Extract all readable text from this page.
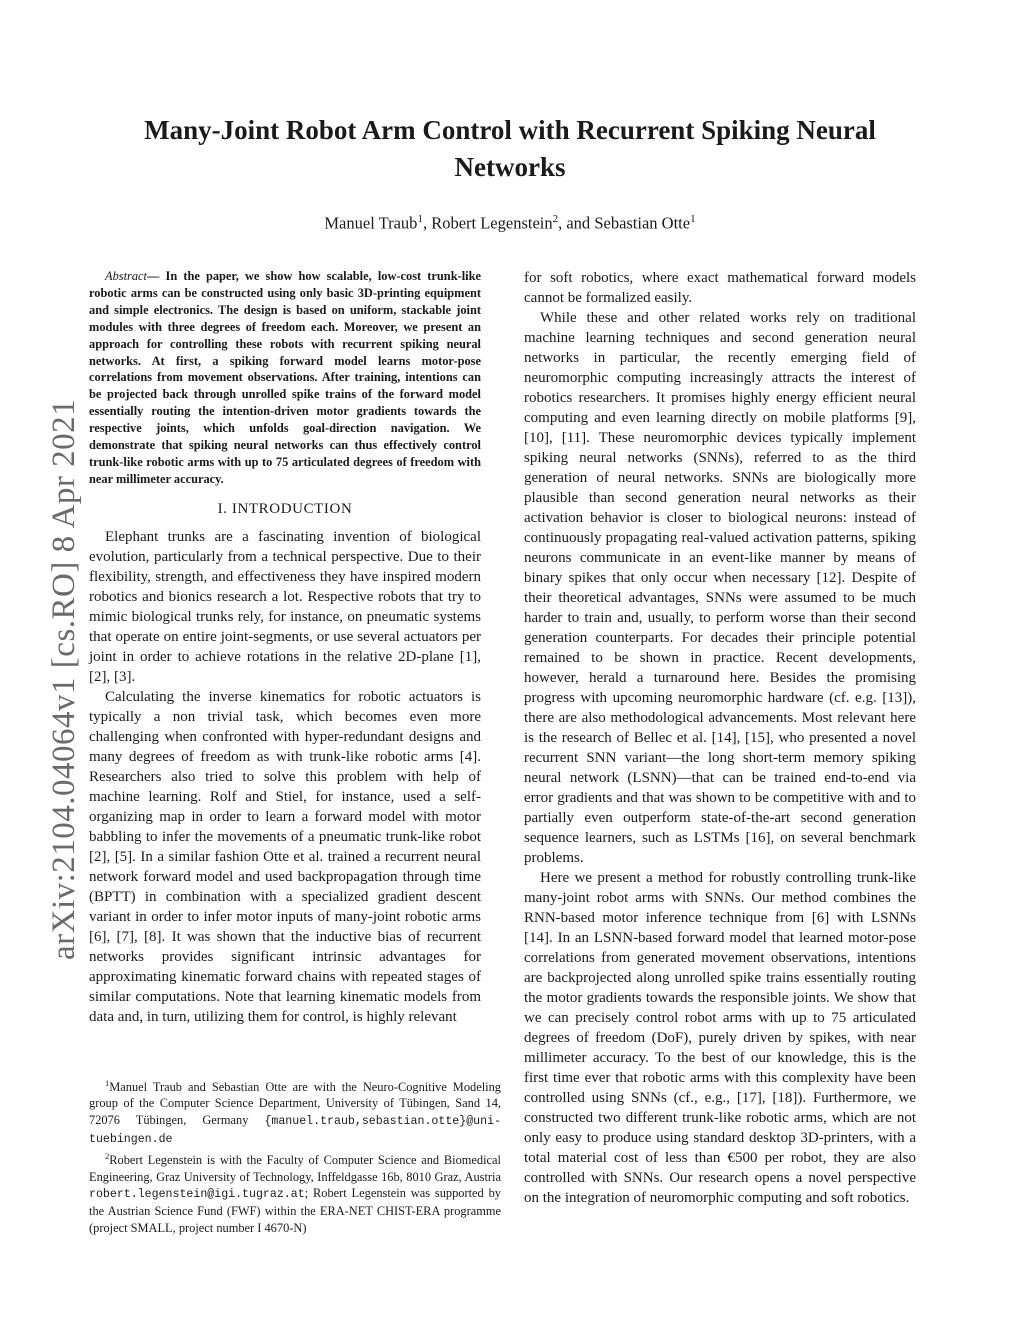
arXiv:2104.04064v1 [cs.RO] 8 Apr 2021
Many-Joint Robot Arm Control with Recurrent Spiking Neural Networks
Manuel Traub$^1$, Robert Legenstein$^2$, and Sebastian Otte$^1$

Abstract— In the paper, we show how scalable, low-cost trunk-like robotic arms can be constructed using only basic 3D-printing equipment and simple electronics. The design is based on uniform, stackable joint modules with three degrees of freedom each. Moreover, we present an approach for controlling these robots with recurrent spiking neural networks. At first, a spiking forward model learns motor-pose correlations from movement observations. After training, intentions can be projected back through unrolled spike trains of the forward model essentially routing the intention-driven motor gradients towards the respective joints, which unfolds goal-direction navigation. We demonstrate that spiking neural networks can thus effectively control trunk-like robotic arms with up to 75 articulated degrees of freedom with near millimeter accuracy.

I. INTRODUCTION

Elephant trunks are a fascinating invention of biological evolution, particularly from a technical perspective. Due to their flexibility, strength, and effectiveness they have inspired modern robotics and bionics research a lot. Respective robots that try to mimic biological trunks rely, for instance, on pneumatic systems that operate on entire joint-segments, or use several actuators per joint in order to achieve rotations in the relative 2D-plane [1], [2], [3].

Calculating the inverse kinematics for robotic actuators is typically a non trivial task, which becomes even more challenging when confronted with hyper-redundant designs and many degrees of freedom as with trunk-like robotic arms [4]. Researchers also tried to solve this problem with help of machine learning. Rolf and Stiel, for instance, used a self-organizing map in order to learn a forward model with motor babbling to infer the movements of a pneumatic trunk-like robot [2], [5]. In a similar fashion Otte et al. trained a recurrent neural network forward model and used backpropagation through time (BPTT) in combination with a specialized gradient descent variant in order to infer motor inputs of many-joint robotic arms [6], [7], [8]. It was shown that the inductive bias of recurrent networks provides significant intrinsic advantages for approximating kinematic forward chains with repeated stages of similar computations. Note that learning kinematic models from data and, in turn, utilizing them for control, is highly relevant

for soft robotics, where exact mathematical forward models cannot be formalized easily.

While these and other related works rely on traditional machine learning techniques and second generation neural networks in particular, the recently emerging field of neuromorphic computing increasingly attracts the interest of robotics researchers. It promises highly energy efficient neural computing and even learning directly on mobile platforms [9], [10], [11]. These neuromorphic devices typically implement spiking neural networks (SNNs), referred to as the third generation of neural networks. SNNs are biologically more plausible than second generation neural networks as their activation behavior is closer to biological neurons: instead of continuously propagating real-valued activation patterns, spiking neurons communicate in an event-like manner by means of binary spikes that only occur when necessary [12]. Despite of their theoretical advantages, SNNs were assumed to be much harder to train and, usually, to perform worse than their second generation counterparts. For decades their principle potential remained to be shown in practice. Recent developments, however, herald a turnaround here. Besides the promising progress with upcoming neuromorphic hardware (cf. e.g. [13]), there are also methodological advancements. Most relevant here is the research of Bellec et al. [14], [15], who presented a novel recurrent SNN variant—the long short-term memory spiking neural network (LSNN)—that can be trained end-to-end via error gradients and that was shown to be competitive with and to partially even outperform state-of-the-art second generation sequence learners, such as LSTMs [16], on several benchmark problems.

Here we present a method for robustly controlling trunk-like many-joint robot arms with SNNs. Our method combines the RNN-based motor inference technique from [6] with LSNNs [14]. In an LSNN-based forward model that learned motor-pose correlations from generated movement observations, intentions are backprojected along unrolled spike trains essentially routing the motor gradients towards the responsible joints. We show that we can precisely control robot arms with up to 75 articulated degrees of freedom (DoF), purely driven by spikes, with near millimeter accuracy. To the best of our knowledge, this is the first time ever that robotic arms with this complexity have been controlled using SNNs (cf., e.g., [17], [18]). Furthermore, we constructed two different trunk-like robotic arms, which are not only easy to produce using standard desktop 3D-printers, with a total material cost of less than €500 per robot, they are also controlled with SNNs. Our research opens a novel perspective on the integration of neuromorphic computing and soft robotics.

$^1$Manuel Traub and Sebastian Otte are with the Neuro-Cognitive Modeling group of the Computer Science Department, University of Tübingen, Sand 14, 72076 Tübingen, Germany {manuel.traub,sebastian.otte}@uni-tuebingen.de

$^2$Robert Legenstein is with the Faculty of Computer Science and Biomedical Engineering, Graz University of Technology, Inffeldgasse 16b, 8010 Graz, Austria robert.legenstein@igi.tugraz.at; Robert Legenstein was supported by the Austrian Science Fund (FWF) within the ERA-NET CHIST-ERA programme (project SMALL, project number I 4670-N)
